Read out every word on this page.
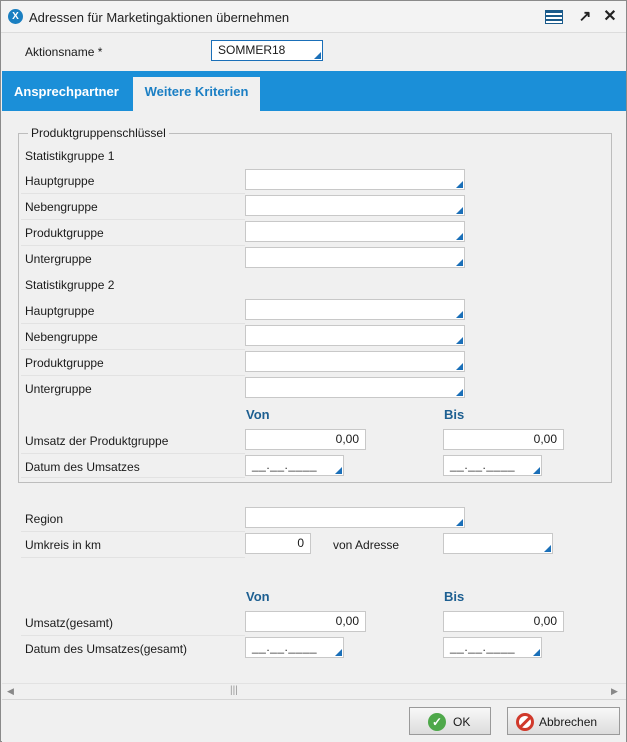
X Adressen für Marketingaktionen übernehmen	↗ ✕
Aktionsname *	SOMMER18
Ansprechpartner	Weitere Kriterien
Produktgruppenschlüssel
Statistikgruppe 1
Hauptgruppe
Nebengruppe
Produktgruppe
Untergruppe
Statistikgruppe 2
Hauptgruppe
Nebengruppe
Produktgruppe
Untergruppe
Von	Bis
Umsatz der Produktgruppe	0,00	0,00
Datum des Umsatzes	__.__.____	__.__.____
Region
Umkreis in km	0	von Adresse
Von	Bis
Umsatz(gesamt)	0,00	0,00
Datum des Umsatzes(gesamt)	__.__.____	__.__.____
◀	|||	▶
✓ OK	Abbrechen
